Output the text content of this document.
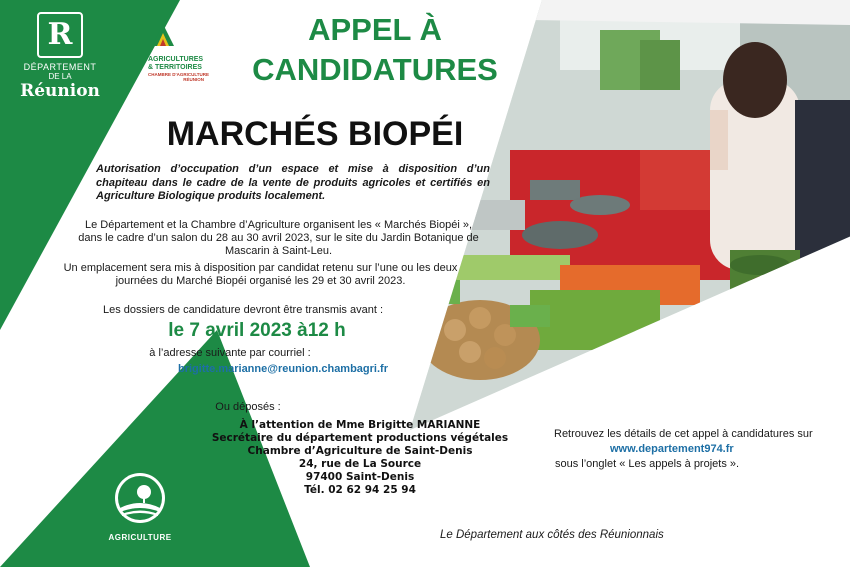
R
DÉPARTEMENT
DE LA
Réunion
AGRICULTURES
& TERRITOIRES
CHAMBRE D'AGRICULTURE
RÉUNION
APPEL À
CANDIDATURES
MARCHÉS BIOPÉI
Autorisation d’occupation d’un espace et mise à disposition d’un chapiteau dans le cadre de la vente de produits agricoles et certifiés en Agriculture Biologique produits localement.
Le Département et la Chambre d’Agriculture organisent les « Marchés Biopéi », dans le cadre d’un salon du 28 au 30 avril 2023, sur le site du Jardin Botanique de Mascarin à Saint-Leu.
Un emplacement sera mis à disposition par candidat retenu sur l’une ou les deux journées du Marché Biopéi organisé les 29 et 30 avril 2023.
Les dossiers de candidature devront être transmis avant :
le 7 avril 2023 à12 h
à l’adresse suivante par courriel :
brigitte.marianne@reunion.chambagri.fr
Ou déposés :
À l’attention de Mme Brigitte MARIANNE
Secrétaire du département productions végétales
Chambre d’Agriculture de Saint-Denis
24, rue de La Source
97400 Saint-Denis
Tél. 02 62 94 25 94
Retrouvez les détails de cet appel à candidatures sur
www.departement974.fr
sous l’onglet « Les appels à projets ».
AGRICULTURE	Le Département aux côtés des Réunionnais
